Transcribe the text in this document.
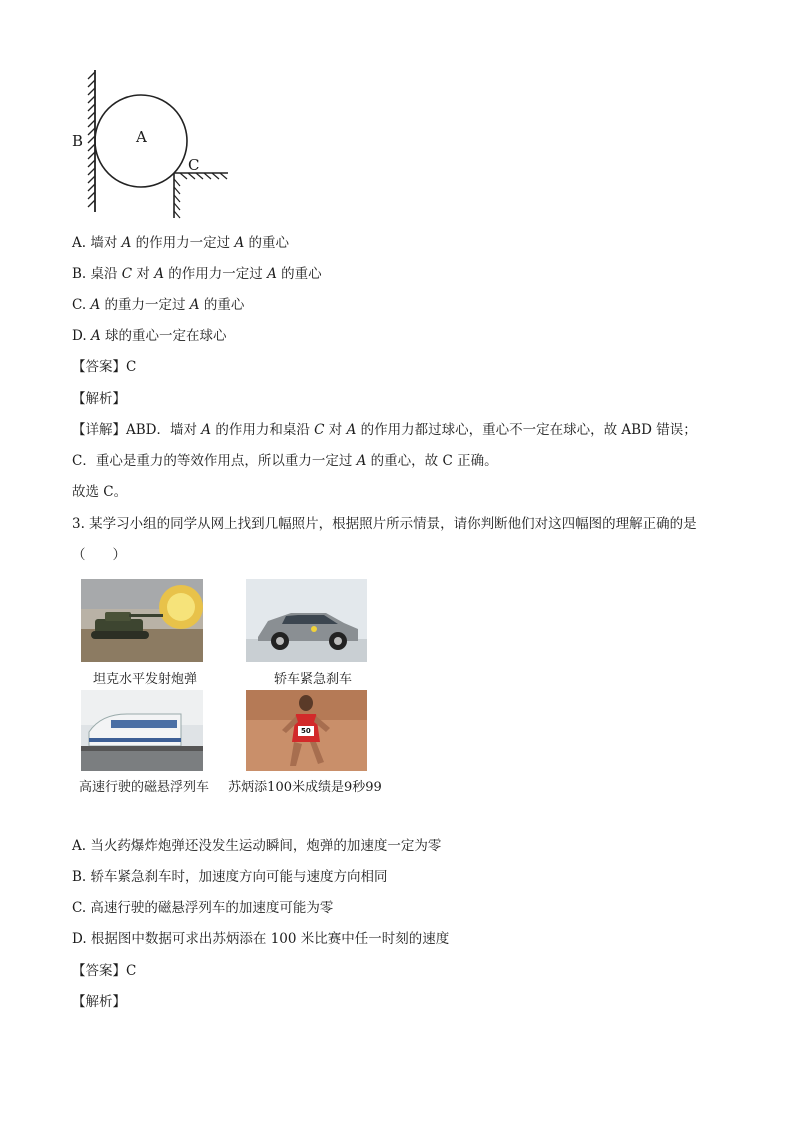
A
B
C
A. 墙对 A 的作用力一定过 A 的重心
B. 桌沿 C 对 A 的作用力一定过 A 的重心
C. A 的重力一定过 A 的重心
D. A 球的重心一定在球心
【答案】C
【解析】
【详解】ABD．墙对 A 的作用力和桌沿 C 对 A 的作用力都过球心，重心不一定在球心，故 ABD 错误；
C．重心是重力的等效作用点，所以重力一定过 A 的重心，故 C 正确。
故选 C。
3. 某学习小组的同学从网上找到几幅照片，根据照片所示情景，请你判断他们对这四幅图的理解正确的是
（　　）
坦克水平发射炮弹	轿车紧急刹车
高速行驶的磁悬浮列车
50
苏炳添100米成绩是9秒99
A. 当火药爆炸炮弹还没发生运动瞬间，炮弹的加速度一定为零
B. 轿车紧急刹车时，加速度方向可能与速度方向相同
C. 高速行驶的磁悬浮列车的加速度可能为零
D. 根据图中数据可求出苏炳添在 100 米比赛中任一时刻的速度
【答案】C
【解析】
